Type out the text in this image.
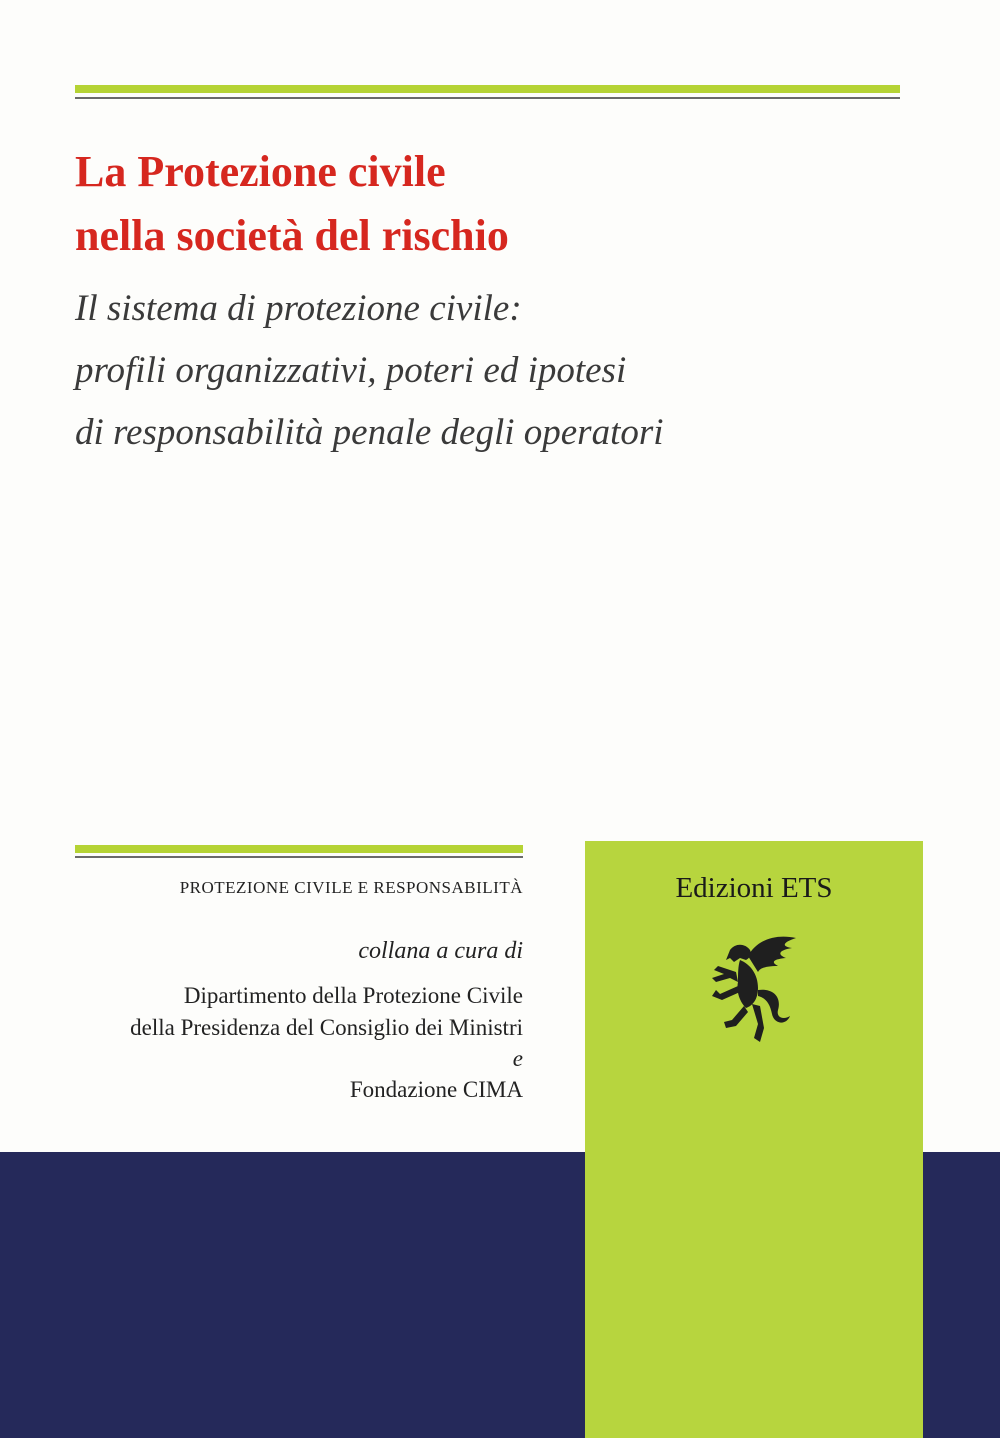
La Protezione civile
nella società del rischio

Il sistema di protezione civile:
profili organizzativi, poteri ed ipotesi
di responsabilità penale degli operatori

PROTEZIONE CIVILE E RESPONSABILITÀ
collana a cura di
Dipartimento della Protezione Civile
della Presidenza del Consiglio dei Ministri
e
Fondazione CIMA
Edizioni ETS
